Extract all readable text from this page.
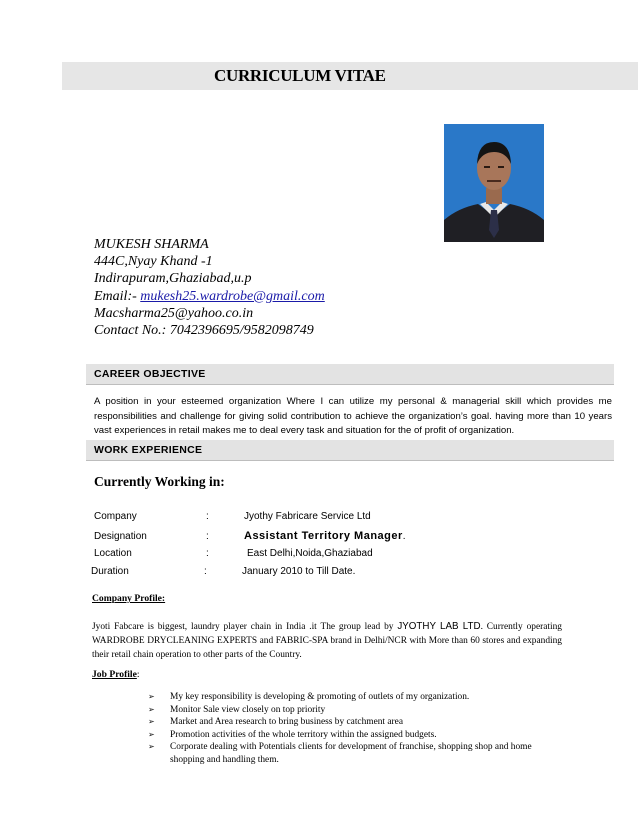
CURRICULUM VITAE
MUKESH SHARMA
444C,Nyay Khand -1
Indirapuram,Ghaziabad,u.p
Email:- mukesh25.wardrobe@gmail.com
Macsharma25@yahoo.co.in
Contact No.: 7042396695/9582098749
CAREER OBJECTIVE
A position in your esteemed organization Where I can utilize my personal & managerial skill which provides me responsibilities and challenge for giving solid contribution to achieve the organization’s goal. having more than 10 years vast experiences in retail makes me to deal every task and situation for the of profit of organization.
WORK EXPERIENCE
Currently Working in:
Company	:	Jyothy Fabricare Service Ltd
Designation	:	Assistant Territory Manager.
Location	:	East Delhi,Noida,Ghaziabad
Duration	:	January 2010 to Till Date.
Company Profile:
Jyoti Fabcare is biggest, laundry player chain in India .it The group lead by JYOTHY LAB LTD. Currently operating WARDROBE DRYCLEANING EXPERTS and FABRIC-SPA brand in Delhi/NCR with More than 60 stores and expanding their retail chain operation to other parts of the Country.
Job Profile:
➢ My key responsibility is developing & promoting of outlets of my organization.
➢ Monitor Sale view closely on top priority
➢ Market and Area research to bring business by catchment area
➢ Promotion activities of the whole territory within the assigned budgets.
➢ Corporate dealing with Potentials clients for development of franchise, shopping shop and home shopping and handling them.
